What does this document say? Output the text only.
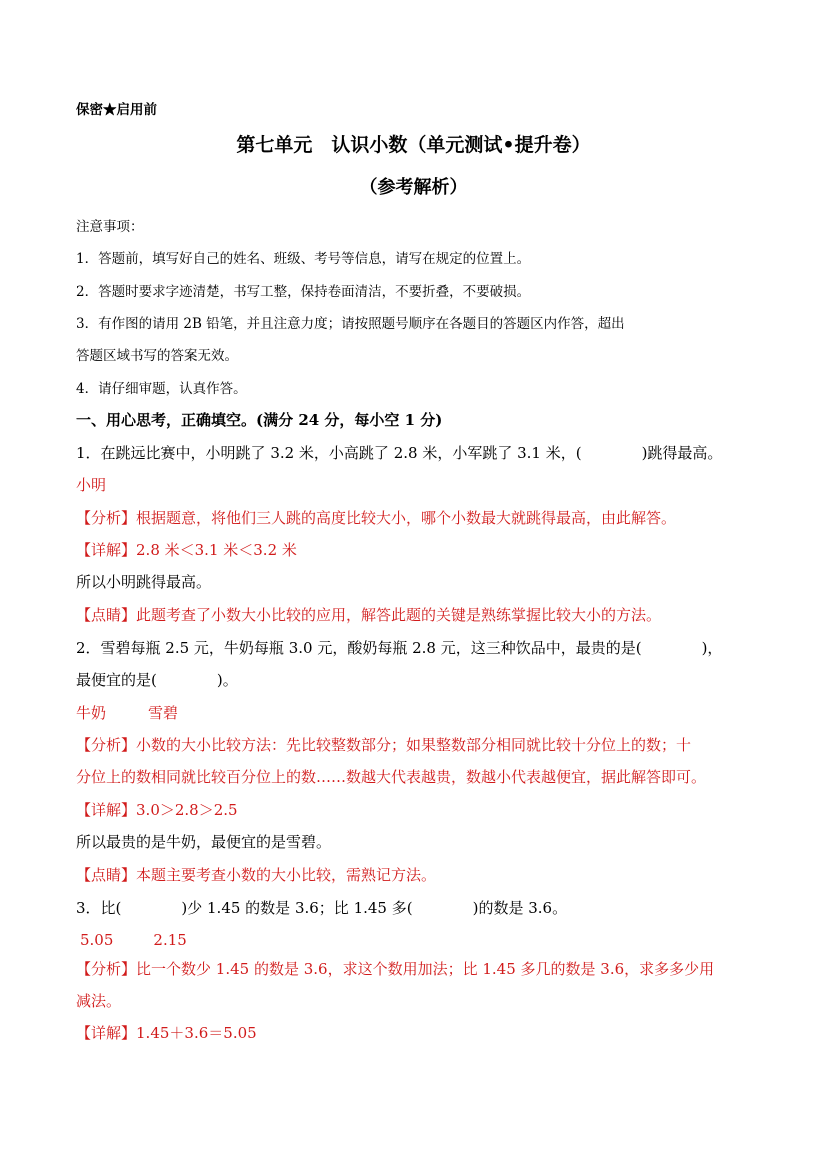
保密★启用前
第七单元　认识小数（单元测试•提升卷）
（参考解析）
注意事项：
1．答题前，填写好自己的姓名、班级、考号等信息，请写在规定的位置上。
2．答题时要求字迹清楚，书写工整，保持卷面清洁，不要折叠，不要破损。
3．有作图的请用 2B 铅笔，并且注意力度；请按照题号顺序在各题目的答题区内作答，超出
答题区域书写的答案无效。
4．请仔细审题，认真作答。
一、用心思考，正确填空。(满分 24 分，每小空 1 分)
1．在跳远比赛中，小明跳了 3.2 米，小高跳了 2.8 米，小军跳了 3.1 米，(　　　　)跳得最高。
小明
【分析】根据题意，将他们三人跳的高度比较大小，哪个小数最大就跳得最高，由此解答。
【详解】2.8 米＜3.1 米＜3.2 米
所以小明跳得最高。
【点睛】此题考查了小数大小比较的应用，解答此题的关键是熟练掌握比较大小的方法。
2．雪碧每瓶 2.5 元，牛奶每瓶 3.0 元，酸奶每瓶 2.8 元，这三种饮品中，最贵的是(　　　　)，
最便宜的是(　　　　)。
牛奶	雪碧
【分析】小数的大小比较方法：先比较整数部分；如果整数部分相同就比较十分位上的数；十
分位上的数相同就比较百分位上的数……数越大代表越贵，数越小代表越便宜，据此解答即可。
【详解】3.0＞2.8＞2.5
所以最贵的是牛奶，最便宜的是雪碧。
【点睛】本题主要考查小数的大小比较，需熟记方法。
3．比(　　　　)少 1.45 的数是 3.6；比 1.45 多(　　　　)的数是 3.6。
5.05	2.15
【分析】比一个数少 1.45 的数是 3.6，求这个数用加法；比 1.45 多几的数是 3.6，求多多少用
减法。
【详解】1.45＋3.6＝5.05
